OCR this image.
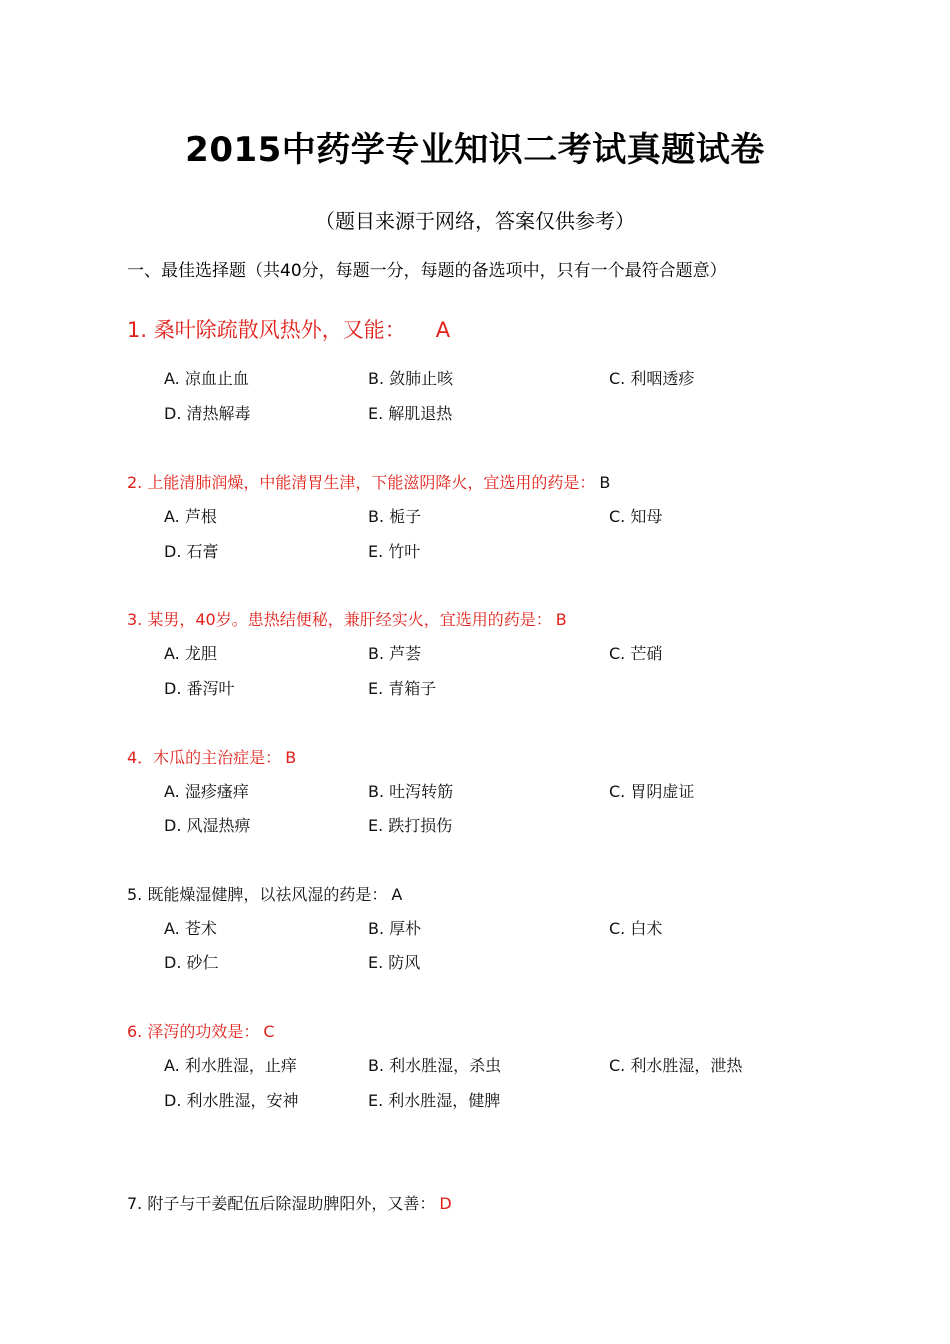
2015中药学专业知识二考试真题试卷
（题目来源于网络，答案仅供参考）
一、最佳选择题（共40分，每题一分，每题的备选项中，只有一个最符合题意）
1. 桑叶除疏散风热外，又能： A
A. 凉血止血	B. 敛肺止咳	C. 利咽透疹
D. 清热解毒	E. 解肌退热
2. 上能清肺润燥，中能清胃生津，下能滋阴降火，宜选用的药是： B
A. 芦根	B. 栀子	C. 知母
D. 石膏	E. 竹叶
3. 某男，40岁。患热结便秘，兼肝经实火，宜选用的药是： B
A. 龙胆	B. 芦荟	C. 芒硝
D. 番泻叶	E. 青箱子
4．木瓜的主治症是： B
A. 湿疹瘙痒	B. 吐泻转筋	C. 胃阴虚证
D. 风湿热痹	E. 跌打损伤
5. 既能燥湿健脾，以祛风湿的药是： A
A. 苍术	B. 厚朴	C. 白术
D. 砂仁	E. 防风
6. 泽泻的功效是： C
A. 利水胜湿，止痒	B. 利水胜湿，杀虫	C. 利水胜湿，泄热
D. 利水胜湿，安神	E. 利水胜湿，健脾
7. 附子与干姜配伍后除湿助脾阳外，又善： D
